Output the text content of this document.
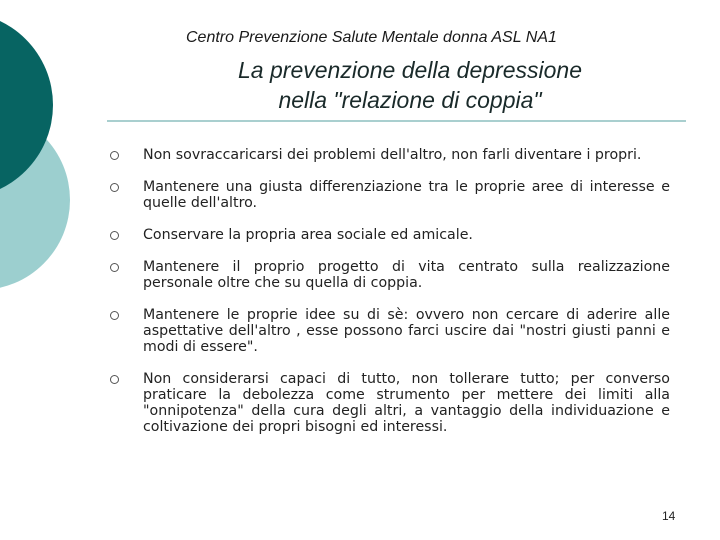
Centro Prevenzione Salute Mentale donna ASL NA1
La prevenzione della depressione
nella "relazione di coppia"
Non sovraccaricarsi dei problemi dell'altro, non farli diventare i propri.
Mantenere una giusta differenziazione tra le proprie aree di interesse e quelle dell'altro.
Conservare la propria area sociale ed amicale.
Mantenere il proprio progetto di vita centrato sulla realizzazione personale oltre che su quella di coppia.
Mantenere le proprie idee su di sè: ovvero non cercare di aderire alle aspettative dell'altro , esse possono farci uscire dai "nostri giusti panni e modi di essere".
Non considerarsi capaci di tutto, non tollerare tutto; per converso praticare la debolezza come strumento per mettere dei limiti alla "onnipotenza" della cura degli altri, a vantaggio della individuazione e coltivazione dei propri bisogni ed interessi.
14
